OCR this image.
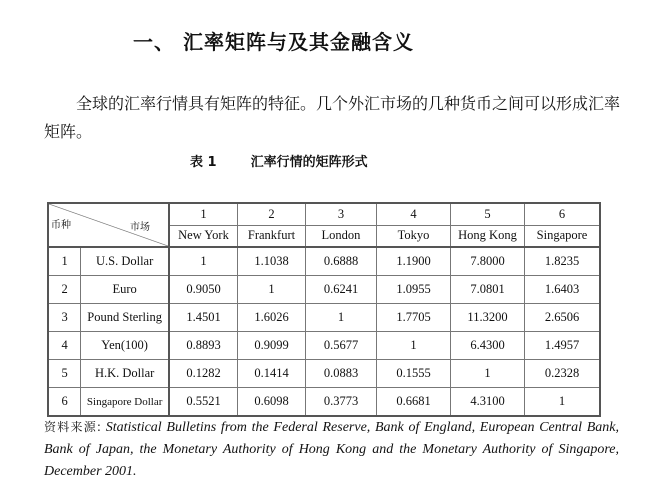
一、 汇率矩阵与及其金融含义
全球的汇率行情具有矩阵的特征。几个外汇市场的几种货币之间可以形成汇率矩阵。
表 1	汇率行情的矩阵形式
币种 市场		1	2	3	4	5	6
		New York	Frankfurt	London	Tokyo	Hong Kong	Singapore
1	U.S. Dollar	1	1.1038	0.6888	1.1900	7.8000	1.8235
2	Euro	0.9050	1	0.6241	1.0955	7.0801	1.6403
3	Pound Sterling	1.4501	1.6026	1	1.7705	11.3200	2.6506
4	Yen(100)	0.8893	0.9099	0.5677	1	6.4300	1.4957
5	H.K. Dollar	0.1282	0.1414	0.0883	0.1555	1	0.2328
6	Singapore Dollar	0.5521	0.6098	0.3773	0.6681	4.3100	1
资料来源: Statistical Bulletins from the Federal Reserve, Bank of England, European Central Bank, Bank of Japan, the Monetary Authority of Hong Kong and the Monetary Authority of Singapore, December 2001.
